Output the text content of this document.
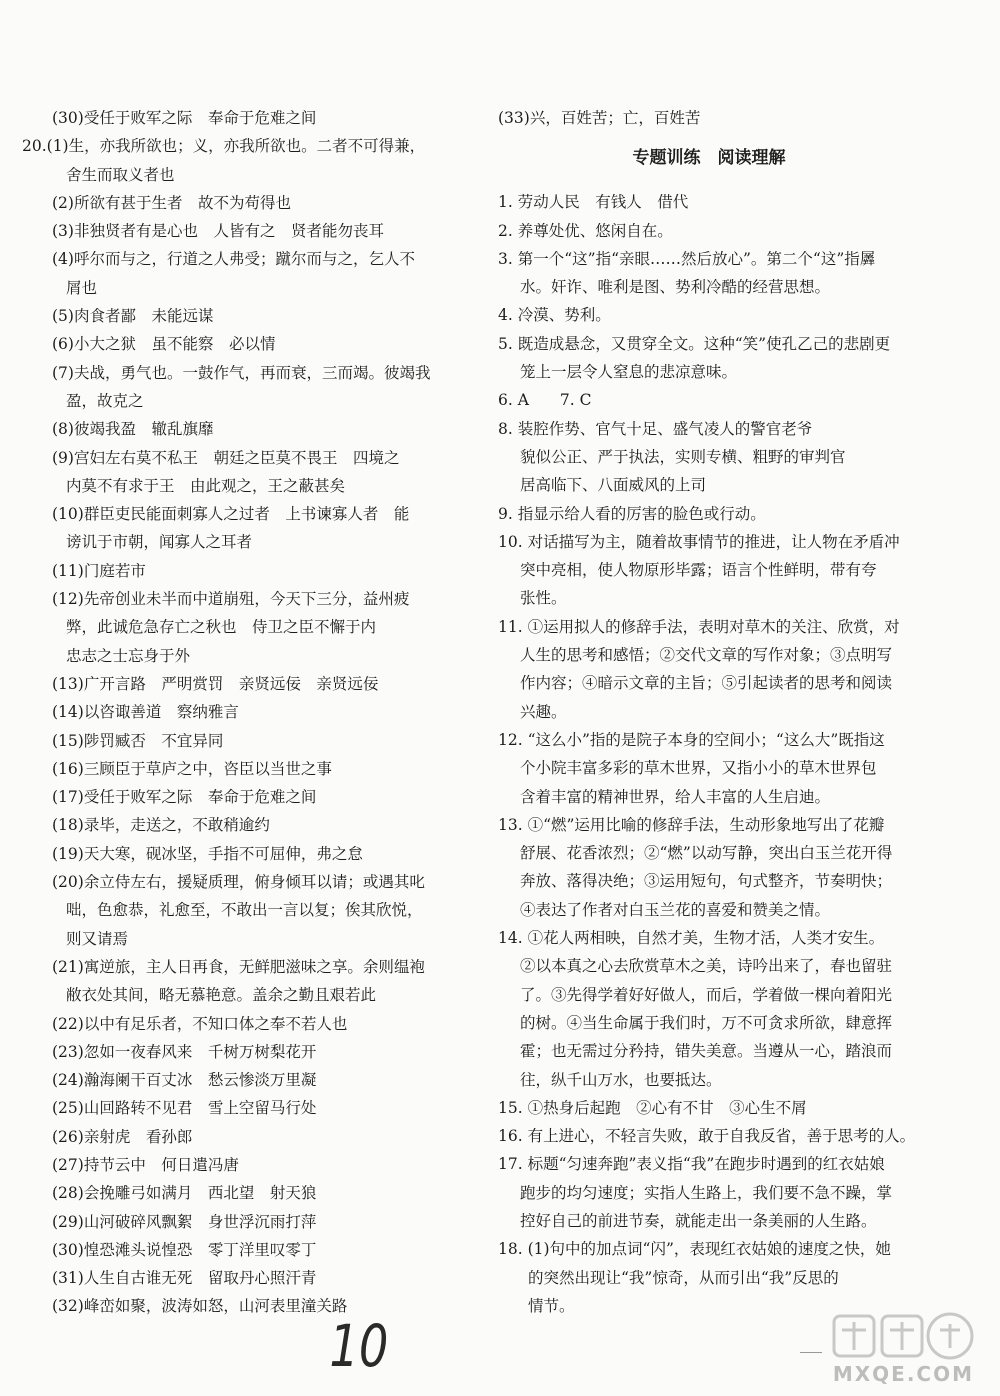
(30)受任于败军之际　奉命于危难之间
20.(1)生，亦我所欲也；义，亦我所欲也。二者不可得兼，
舍生而取义者也
(2)所欲有甚于生者　故不为苟得也
(3)非独贤者有是心也　人皆有之　贤者能勿丧耳
(4)呼尔而与之，行道之人弗受；蹴尔而与之，乞人不
屑也
(5)肉食者鄙　未能远谋
(6)小大之狱　虽不能察　必以情
(7)夫战，勇气也。一鼓作气，再而衰，三而竭。彼竭我
盈，故克之
(8)彼竭我盈　辙乱旗靡
(9)宫妇左右莫不私王　朝廷之臣莫不畏王　四境之
内莫不有求于王　由此观之，王之蔽甚矣
(10)群臣吏民能面刺寡人之过者　上书谏寡人者　能
谤讥于市朝，闻寡人之耳者
(11)门庭若市
(12)先帝创业未半而中道崩殂，今天下三分，益州疲
弊，此诚危急存亡之秋也　侍卫之臣不懈于内
忠志之士忘身于外
(13)广开言路　严明赏罚　亲贤远佞　亲贤远佞
(14)以咨诹善道　察纳雅言
(15)陟罚臧否　不宜异同
(16)三顾臣于草庐之中，咨臣以当世之事
(17)受任于败军之际　奉命于危难之间
(18)录毕，走送之，不敢稍逾约
(19)天大寒，砚冰坚，手指不可屈伸，弗之怠
(20)余立侍左右，援疑质理，俯身倾耳以请；或遇其叱
咄，色愈恭，礼愈至，不敢出一言以复；俟其欣悦，
则又请焉
(21)寓逆旅，主人日再食，无鲜肥滋味之享。余则缊袍
敝衣处其间，略无慕艳意。盖余之勤且艰若此
(22)以中有足乐者，不知口体之奉不若人也
(23)忽如一夜春风来　千树万树梨花开
(24)瀚海阑干百丈冰　愁云惨淡万里凝
(25)山回路转不见君　雪上空留马行处
(26)亲射虎　看孙郎
(27)持节云中　何日遣冯唐
(28)会挽雕弓如满月　西北望　射天狼
(29)山河破碎风飘絮　身世浮沉雨打萍
(30)惶恐滩头说惶恐　零丁洋里叹零丁
(31)人生自古谁无死　留取丹心照汗青
(32)峰峦如聚，波涛如怒，山河表里潼关路
(33)兴，百姓苦；亡，百姓苦
专题训练　阅读理解
1. 劳动人民　有钱人　借代
2. 养尊处优、悠闲自在。
3. 第一个“这”指“亲眼……然后放心”。第二个“这”指羼
水。奸诈、唯利是图、势利冷酷的经营思想。
4. 冷漠、势利。
5. 既造成悬念，又贯穿全文。这种“笑”使孔乙己的悲剧更
笼上一层令人窒息的悲凉意味。
6. A　　7. C
8. 装腔作势、官气十足、盛气凌人的警官老爷
貌似公正、严于执法，实则专横、粗野的审判官
居高临下、八面威风的上司
9. 指显示给人看的厉害的脸色或行动。
10. 对话描写为主，随着故事情节的推进，让人物在矛盾冲
突中亮相，使人物原形毕露；语言个性鲜明，带有夸
张性。
11. ①运用拟人的修辞手法，表明对草木的关注、欣赏，对
人生的思考和感悟；②交代文章的写作对象；③点明写
作内容；④暗示文章的主旨；⑤引起读者的思考和阅读
兴趣。
12. “这么小”指的是院子本身的空间小；“这么大”既指这
个小院丰富多彩的草木世界，又指小小的草木世界包
含着丰富的精神世界，给人丰富的人生启迪。
13. ①“燃”运用比喻的修辞手法，生动形象地写出了花瓣
舒展、花香浓烈；②“燃”以动写静，突出白玉兰花开得
奔放、落得决绝；③运用短句，句式整齐，节奏明快；
④表达了作者对白玉兰花的喜爱和赞美之情。
14. ①花人两相映，自然才美，生物才活，人类才安生。
②以本真之心去欣赏草木之美，诗吟出来了，春也留驻
了。③先得学着好好做人，而后，学着做一棵向着阳光
的树。④当生命属于我们时，万不可贪求所欲，肆意挥
霍；也无需过分矜持，错失美意。当遵从一心，踏浪而
往，纵千山万水，也要抵达。
15. ①热身后起跑　②心有不甘　③心生不屑
16. 有上进心，不轻言失败，敢于自我反省，善于思考的人。
17. 标题“匀速奔跑”表义指“我”在跑步时遇到的红衣姑娘
跑步的均匀速度；实指人生路上，我们要不急不躁，掌
控好自己的前进节奏，就能走出一条美丽的人生路。
18. (1)句中的加点词“闪”，表现红衣姑娘的速度之快，她
的突然出现让“我”惊奇，从而引出“我”反思的
情节。
10	MXQE.COM
